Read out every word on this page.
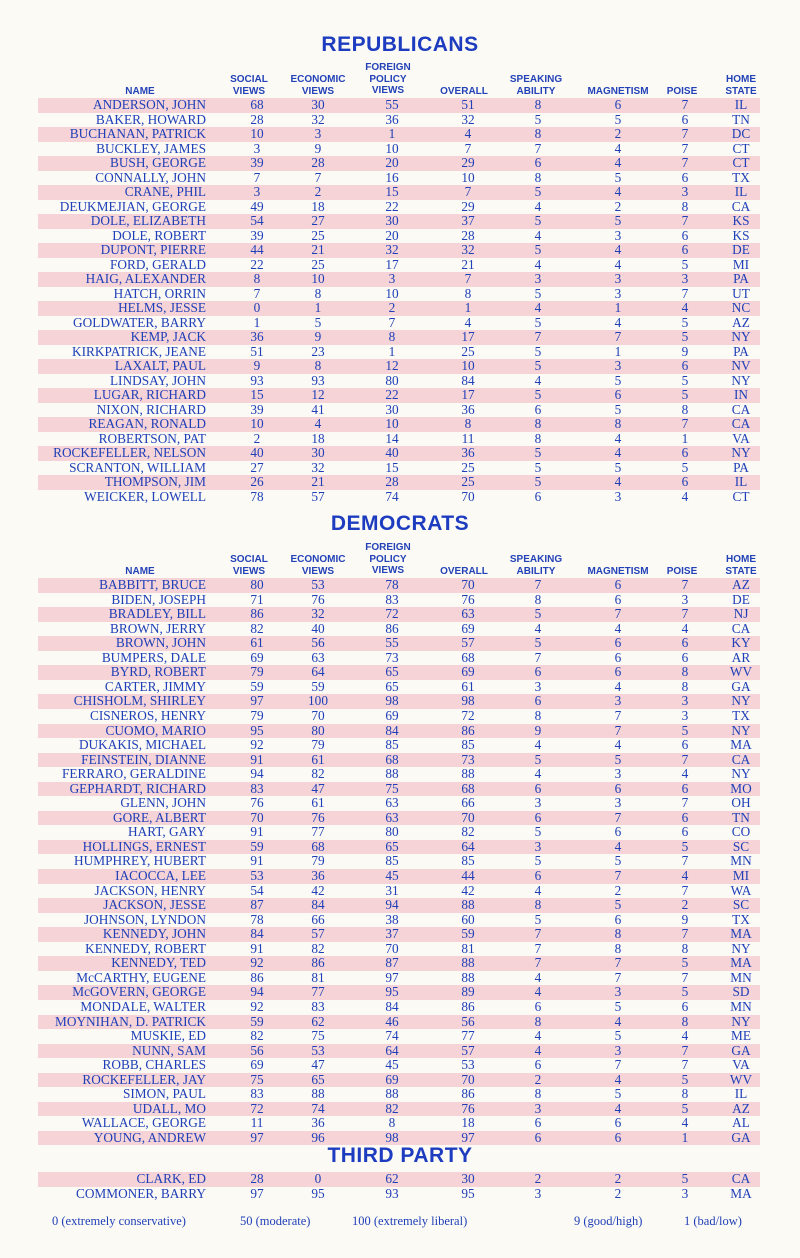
REPUBLICANS
NAME
SOCIAL
VIEWS
ECONOMIC
VIEWS
FOREIGN
POLICY
VIEWS	OVERALL
SPEAKING
ABILITY	MAGNETISM	POISE
HOME
STATE
ANDERSON, JOHN	68	30	55	51	8	6	7	IL
BAKER, HOWARD	28	32	36	32	5	5	6	TN
BUCHANAN, PATRICK	10	3	1	4	8	2	7	DC
BUCKLEY, JAMES	3	9	10	7	7	4	7	CT
BUSH, GEORGE	39	28	20	29	6	4	7	CT
CONNALLY, JOHN	7	7	16	10	8	5	6	TX
CRANE, PHIL	3	2	15	7	5	4	3	IL
DEUKMEJIAN, GEORGE	49	18	22	29	4	2	8	CA
DOLE, ELIZABETH	54	27	30	37	5	5	7	KS
DOLE, ROBERT	39	25	20	28	4	3	6	KS
DUPONT, PIERRE	44	21	32	32	5	4	6	DE
FORD, GERALD	22	25	17	21	4	4	5	MI
HAIG, ALEXANDER	8	10	3	7	3	3	3	PA
HATCH, ORRIN	7	8	10	8	5	3	7	UT
HELMS, JESSE	0	1	2	1	4	1	4	NC
GOLDWATER, BARRY	1	5	7	4	5	4	5	AZ
KEMP, JACK	36	9	8	17	7	7	5	NY
KIRKPATRICK, JEANE	51	23	1	25	5	1	9	PA
LAXALT, PAUL	9	8	12	10	5	3	6	NV
LINDSAY, JOHN	93	93	80	84	4	5	5	NY
LUGAR, RICHARD	15	12	22	17	5	6	5	IN
NIXON, RICHARD	39	41	30	36	6	5	8	CA
REAGAN, RONALD	10	4	10	8	8	8	7	CA
ROBERTSON, PAT	2	18	14	11	8	4	1	VA
ROCKEFELLER, NELSON	40	30	40	36	5	4	6	NY
SCRANTON, WILLIAM	27	32	15	25	5	5	5	PA
THOMPSON, JIM	26	21	28	25	5	4	6	IL
WEICKER, LOWELL	78	57	74	70	6	3	4	CT
DEMOCRATS
NAME
SOCIAL
VIEWS
ECONOMIC
VIEWS
FOREIGN
POLICY
VIEWS	OVERALL
SPEAKING
ABILITY	MAGNETISM	POISE
HOME
STATE
BABBITT, BRUCE	80	53	78	70	7	6	7	AZ
BIDEN, JOSEPH	71	76	83	76	8	6	3	DE
BRADLEY, BILL	86	32	72	63	5	7	7	NJ
BROWN, JERRY	82	40	86	69	4	4	4	CA
BROWN, JOHN	61	56	55	57	5	6	6	KY
BUMPERS, DALE	69	63	73	68	7	6	6	AR
BYRD, ROBERT	79	64	65	69	6	6	8	WV
CARTER, JIMMY	59	59	65	61	3	4	8	GA
CHISHOLM, SHIRLEY	97	100	98	98	6	3	3	NY
CISNEROS, HENRY	79	70	69	72	8	7	3	TX
CUOMO, MARIO	95	80	84	86	9	7	5	NY
DUKAKIS, MICHAEL	92	79	85	85	4	4	6	MA
FEINSTEIN, DIANNE	91	61	68	73	5	5	7	CA
FERRARO, GERALDINE	94	82	88	88	4	3	4	NY
GEPHARDT, RICHARD	83	47	75	68	6	6	6	MO
GLENN, JOHN	76	61	63	66	3	3	7	OH
GORE, ALBERT	70	76	63	70	6	7	6	TN
HART, GARY	91	77	80	82	5	6	6	CO
HOLLINGS, ERNEST	59	68	65	64	3	4	5	SC
HUMPHREY, HUBERT	91	79	85	85	5	5	7	MN
IACOCCA, LEE	53	36	45	44	6	7	4	MI
JACKSON, HENRY	54	42	31	42	4	2	7	WA
JACKSON, JESSE	87	84	94	88	8	5	2	SC
JOHNSON, LYNDON	78	66	38	60	5	6	9	TX
KENNEDY, JOHN	84	57	37	59	7	8	7	MA
KENNEDY, ROBERT	91	82	70	81	7	8	8	NY
KENNEDY, TED	92	86	87	88	7	7	5	MA
McCARTHY, EUGENE	86	81	97	88	4	7	7	MN
McGOVERN, GEORGE	94	77	95	89	4	3	5	SD
MONDALE, WALTER	92	83	84	86	6	5	6	MN
MOYNIHAN, D. PATRICK	59	62	46	56	8	4	8	NY
MUSKIE, ED	82	75	74	77	4	5	4	ME
NUNN, SAM	56	53	64	57	4	3	7	GA
ROBB, CHARLES	69	47	45	53	6	7	7	VA
ROCKEFELLER, JAY	75	65	69	70	2	4	5	WV
SIMON, PAUL	83	88	88	86	8	5	8	IL
UDALL, MO	72	74	82	76	3	4	5	AZ
WALLACE, GEORGE	11	36	8	18	6	6	4	AL
YOUNG, ANDREW	97	96	98	97	6	6	1	GA
THIRD PARTY
CLARK, ED	28	0	62	30	2	2	5	CA
COMMONER, BARRY	97	95	93	95	3	2	3	MA
0 (extremely conservative)	50 (moderate)	100 (extremely liberal)	9 (good/high)	1 (bad/low)
